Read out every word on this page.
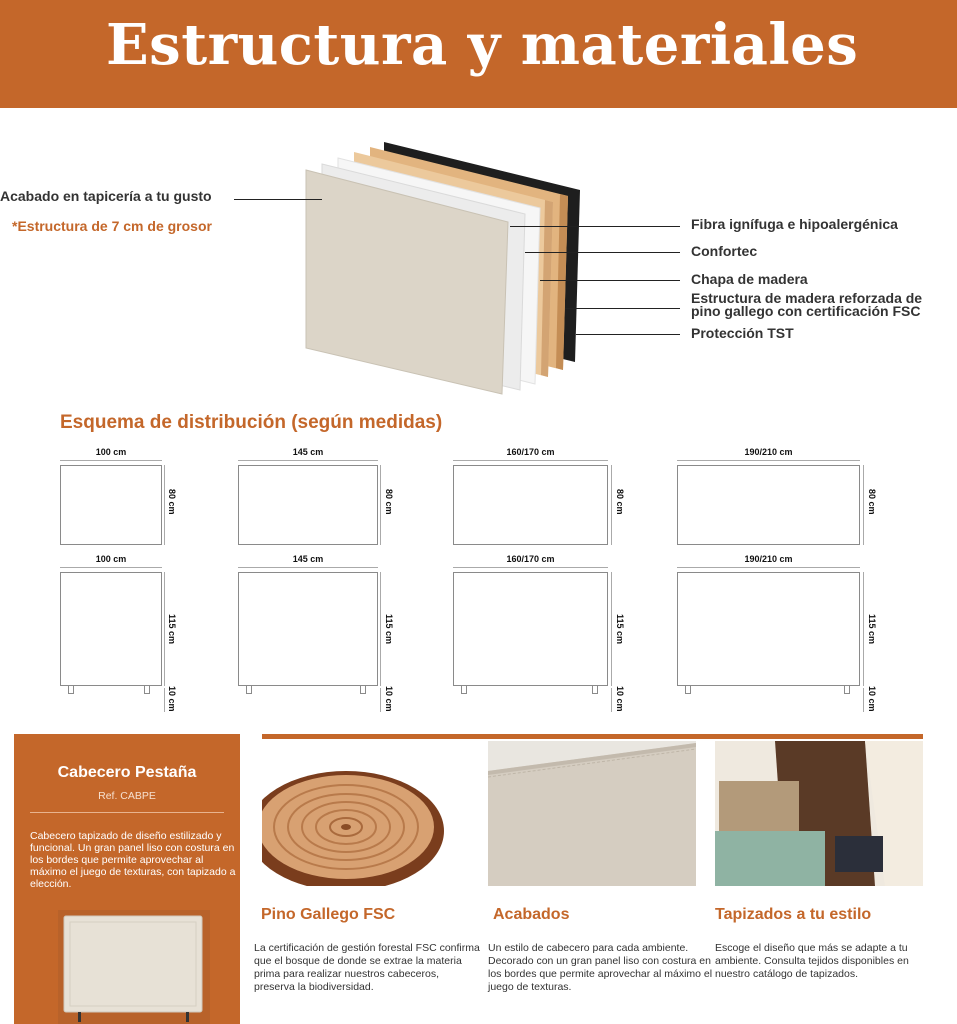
Estructura y materiales
Acabado en tapicería a tu gusto
*Estructura de 7 cm de grosor	Fibra ignífuga e hipoalergénica
Confortec
Chapa de madera
Estructura de madera reforzada de
pino gallego con certificación FSC
Protección TST
Esquema de distribución (según medidas)
100 cm
80 cm
145 cm
80 cm
160/170 cm
80 cm
190/210 cm
80 cm
100 cm
115 cm
10 cm
145 cm
115 cm
10 cm
160/170 cm
115 cm
10 cm
190/210 cm
115 cm
10 cm
Cabecero Pestaña
Ref. CABPE
Cabecero tapizado de diseño estilizado y funcional. Un gran panel liso con costura en los bordes que permite aprovechar al máximo el juego de texturas, con tapizado a elección.
Pino Gallego FSC
La certificación de gestión forestal FSC confirma que el bosque de donde se extrae la materia prima para realizar nuestros cabeceros, preserva la biodiversidad.
Acabados
Un estilo de cabecero para cada ambiente. Decorado con un gran panel liso con costura en los bordes que permite aprovechar al máximo el juego de texturas.
Tapizados a tu estilo
Escoge el diseño que más se adapte a tu ambiente. Consulta tejidos disponibles en nuestro catálogo de tapizados.
